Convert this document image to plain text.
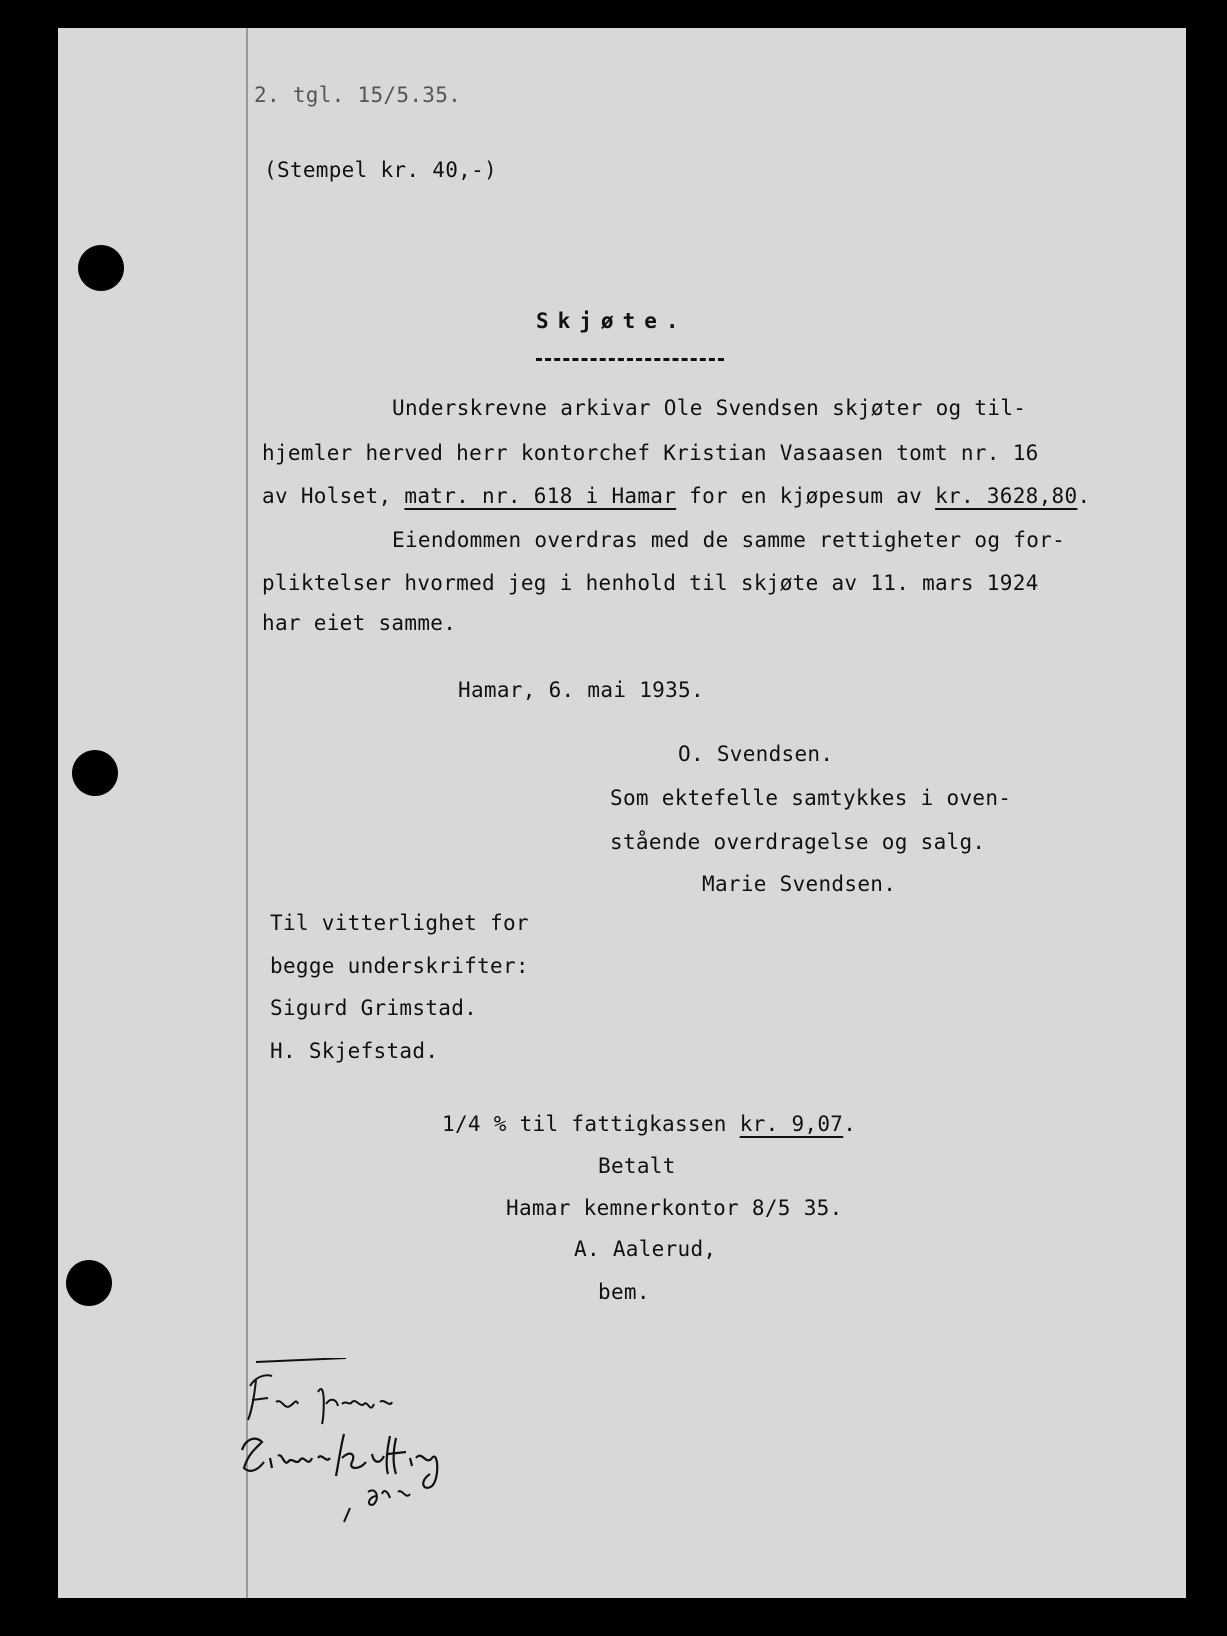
2. tgl. 15/5.35.
(Stempel kr. 40,-)
Skjøte.
Underskrevne arkivar Ole Svendsen skjøter og til-
hjemler herved herr kontorchef Kristian Vasaasen tomt nr. 16
av Holset, matr. nr. 618 i Hamar for en kjøpesum av kr. 3628,80.
Eiendommen overdras med de samme rettigheter og for-
pliktelser hvormed jeg i henhold til skjøte av 11. mars 1924
har eiet samme.
Hamar, 6. mai 1935.
O. Svendsen.
Som ektefelle samtykkes i oven-
stående overdragelse og salg.
Marie Svendsen.
Til vitterlighet for
begge underskrifter:
Sigurd Grimstad.
H. Skjefstad.
1/4 % til fattigkassen kr. 9,07.
Betalt
Hamar kemnerkontor 8/5 35.
A. Aalerud,
bem.
